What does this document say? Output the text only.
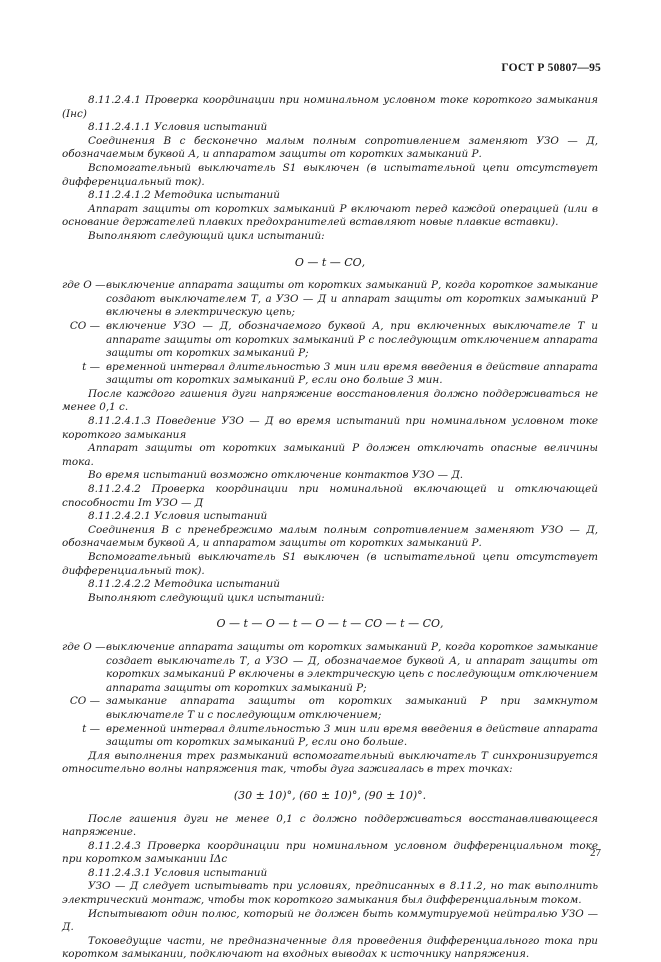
ГОСТ Р 50807—95

8.11.2.4.1 Проверка координации при номинальном условном токе короткого замыкания (Iнс)

8.11.2.4.1.1 Условия испытаний

Соединения В с бесконечно малым полным сопротивлением заменяют УЗО — Д, обозначаемым буквой А, и аппаратом защиты от коротких замыканий Р.

Вспомогательный выключатель S1 выключен (в испытательной цепи отсутствует дифференциальный ток).

8.11.2.4.1.2 Методика испытаний

Аппарат защиты от коротких замыканий Р включают перед каждой операцией (или в основание держателей плавких предохранителей вставляют новые плавкие вставки).

Выполняют следующий цикл испытаний:

О — t — СО,

где О — выключение аппарата защиты от коротких замыканий Р, когда короткое замыкание создают выключателем Т, а УЗО — Д и аппарат защиты от коротких замыканий Р включены в электрическую цепь;
СО — включение УЗО — Д, обозначаемого буквой А, при включенных выключателе Т и аппарате защиты от коротких замыканий Р с последующим отключением аппарата защиты от коротких замыканий Р;
t — временной интервал длительностью 3 мин или время введения в действие аппарата защиты от коротких замыканий Р, если оно больше 3 мин.

После каждого гашения дуги напряжение восстановления должно поддерживаться не менее 0,1 с.

8.11.2.4.1.3 Поведение УЗО — Д во время испытаний при номинальном условном токе короткого замыкания

Аппарат защиты от коротких замыканий Р должен отключать опасные величины тока.

Во время испытаний возможно отключение контактов УЗО — Д.

8.11.2.4.2 Проверка координации при номинальной включающей и отключающей способности Im УЗО — Д

8.11.2.4.2.1 Условия испытаний

Соединения В с пренебрежимо малым полным сопротивлением заменяют УЗО — Д, обозначаемым буквой А, и аппаратом защиты от коротких замыканий Р.

Вспомогательный выключатель S1 выключен (в испытательной цепи отсутствует дифференциальный ток).

8.11.2.4.2.2 Методика испытаний

Выполняют следующий цикл испытаний:

О — t — О — t — О — t — СО — t — СО,

где О — выключение аппарата защиты от коротких замыканий Р, когда короткое замыкание создает выключатель Т, а УЗО — Д, обозначаемое буквой А, и аппарат защиты от коротких замыканий Р включены в электрическую цепь с последующим отключением аппарата защиты от коротких замыканий Р;
СО — замыкание аппарата защиты от коротких замыканий Р при замкнутом выключателе Т и с последующим отключением;
t — временной интервал длительностью 3 мин или время введения в действие аппарата защиты от коротких замыканий Р, если оно больше.

Для выполнения трех размыканий вспомогательный выключатель Т синхронизируется относительно волны напряжения так, чтобы дуга зажигалась в трех точках:

(30 ± 10)°, (60 ± 10)°, (90 ± 10)°.

После гашения дуги не менее 0,1 с должно поддерживаться восстанавливающееся напряжение.

8.11.2.4.3 Проверка координации при номинальном условном дифференциальном токе при коротком замыкании IΔс

8.11.2.4.3.1 Условия испытаний

УЗО — Д следует испытывать при условиях, предписанных в 8.11.2, но так выполнить электрический монтаж, чтобы ток короткого замыкания был дифференциальным током.

Испытывают один полюс, который не должен быть коммутируемой нейтралью УЗО — Д.

Токоведущие части, не предназначенные для проведения дифференциального тока при коротком замыкании, подключают на входных выводах к источнику напряжения.

27
